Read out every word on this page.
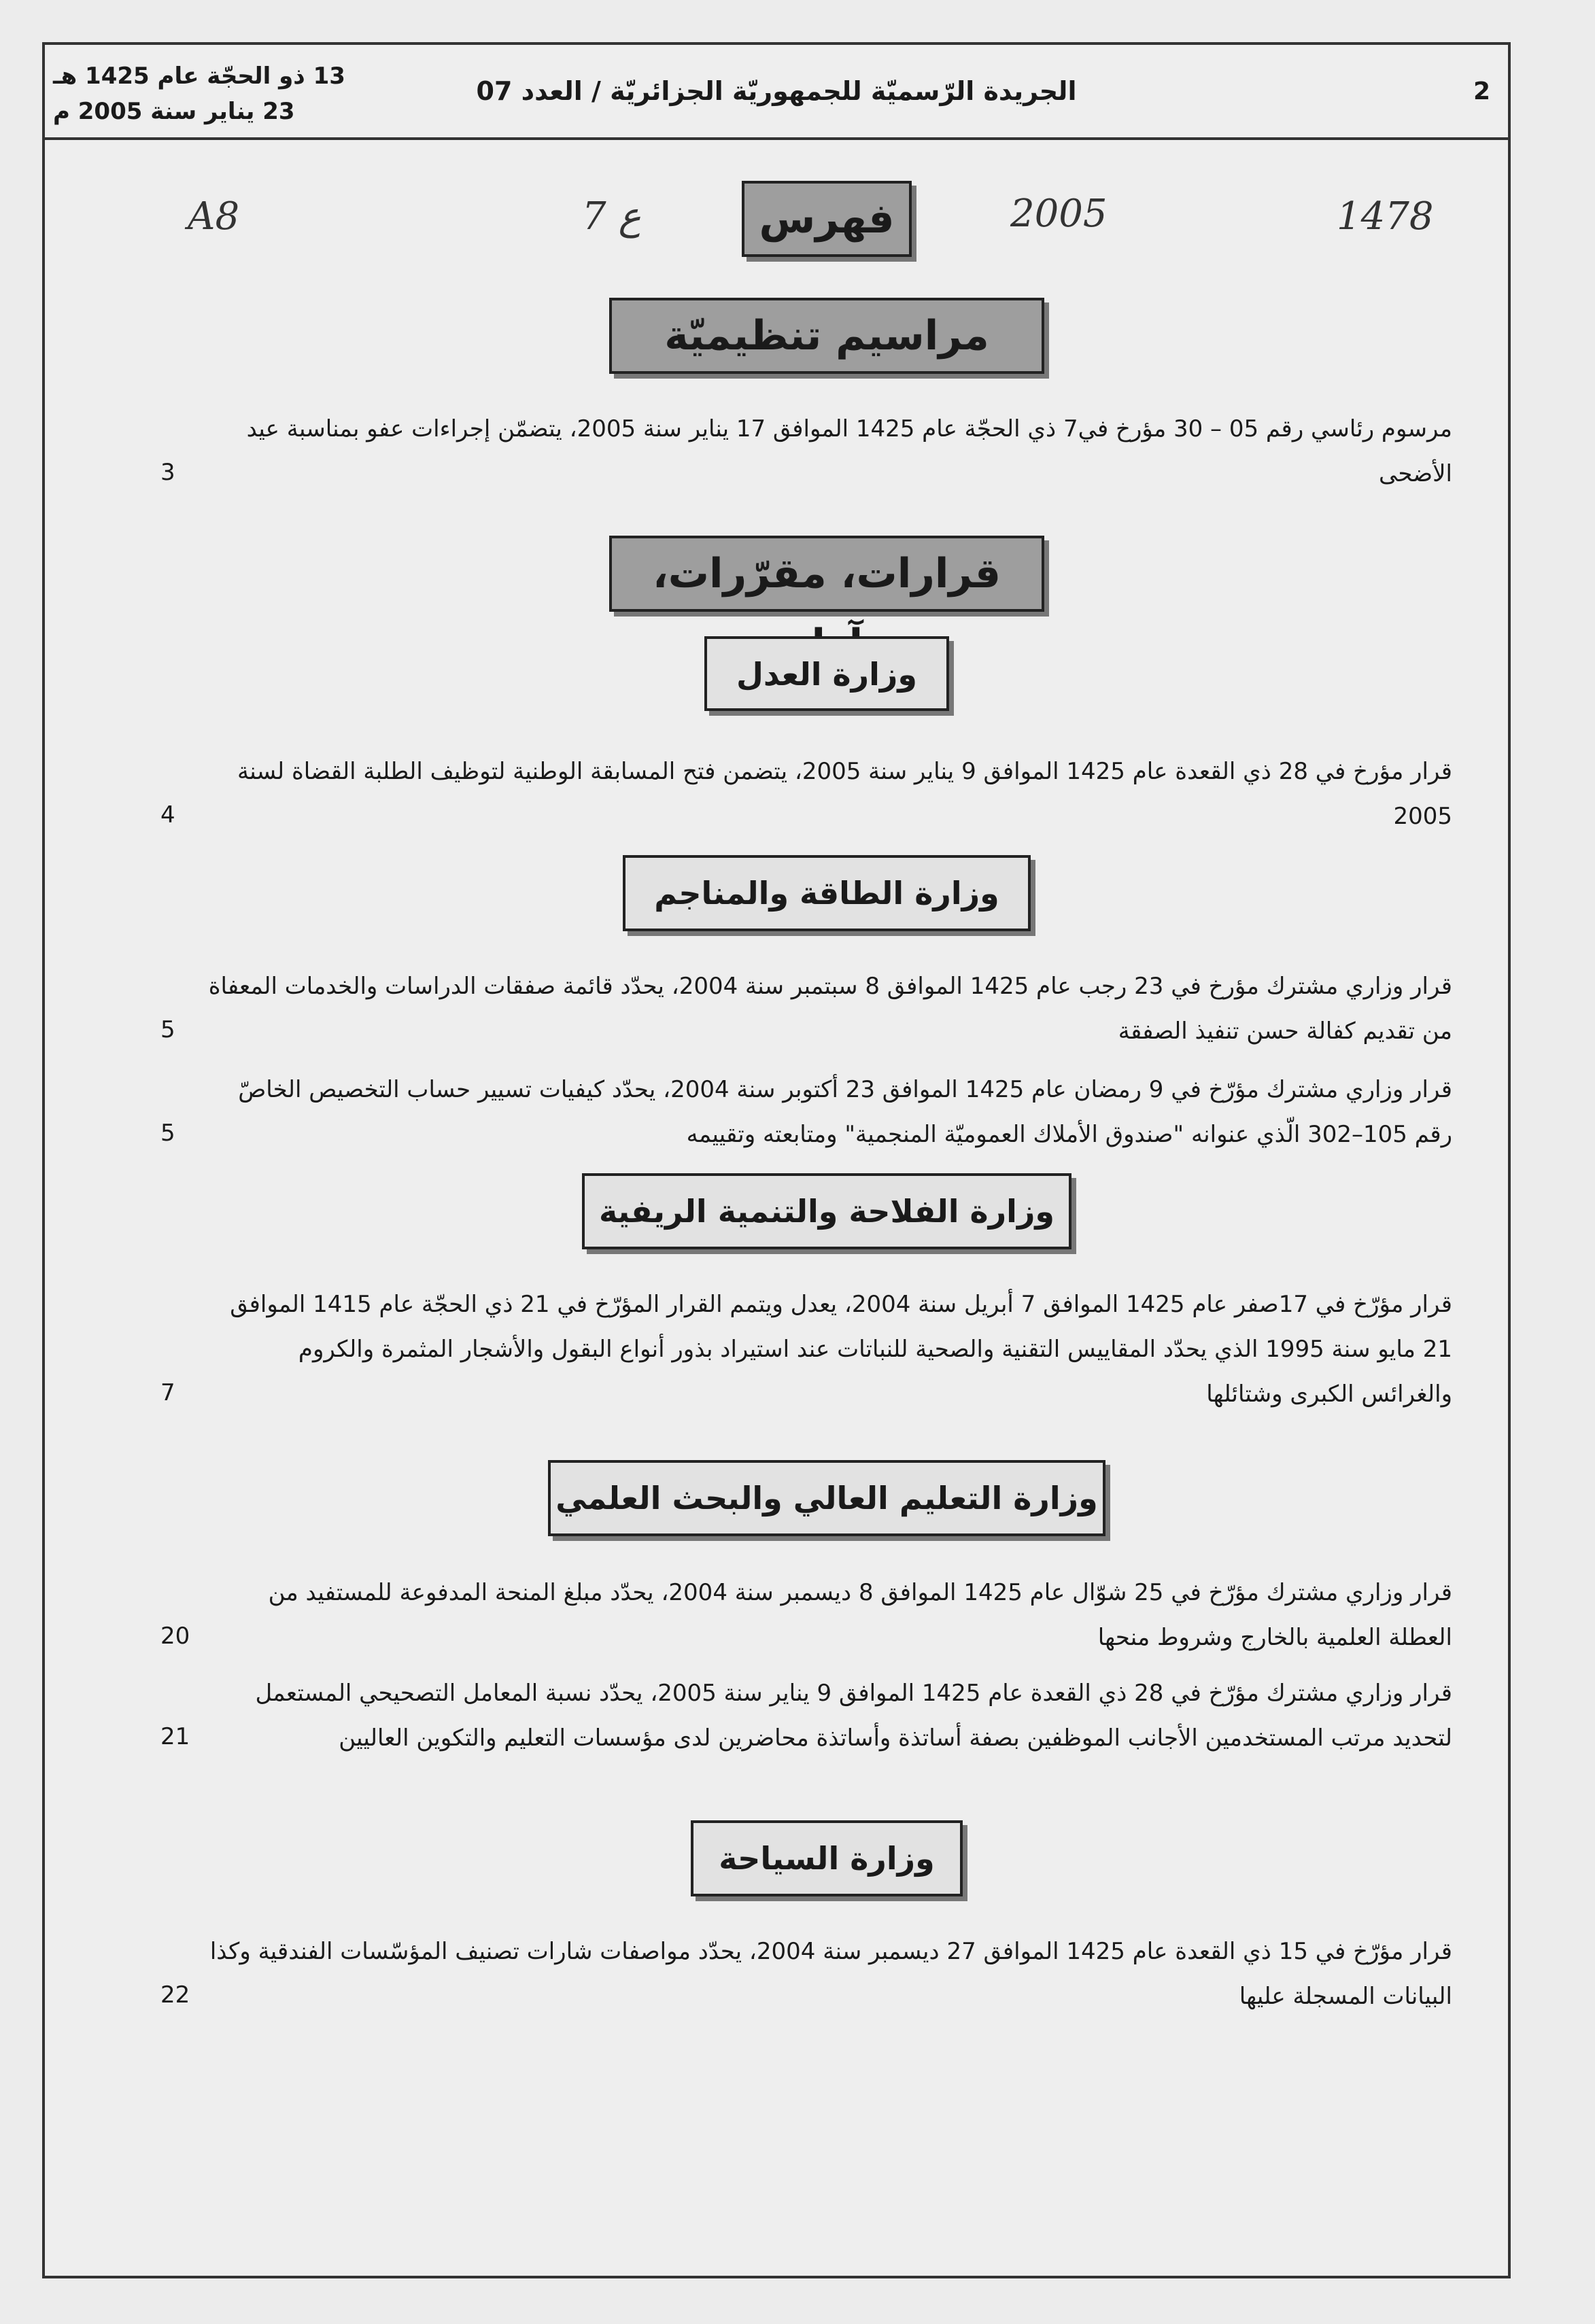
2
الجريدة الرّسميّة للجمهوريّة الجزائريّة / العدد 07
13 ذو الحجّة عام 1425 هـ
23 يناير سنة 2005 م
A8	7 ع	2005	1478
فهرس
مراسيم تنظيميّة
مرسوم رئاسي رقم 05 – 30 مؤرخ في7 ذي الحجّة عام 1425 الموافق 17 يناير سنة 2005، يتضمّن إجراءات عفو بمناسبة عيد الأضحى
3
قرارات، مقرّرات،
وزارة العدل
قرار مؤرخ في 28 ذي القعدة عام 1425 الموافق 9 يناير سنة 2005، يتضمن فتح المسابقة الوطنية لتوظيف الطلبة القضاة لسنة 2005
4
وزارة الطاقة والمناجم
قرار وزاري مشترك مؤرخ في 23 رجب عام 1425 الموافق 8 سبتمبر سنة 2004، يحدّد قائمة صفقات الدراسات والخدمات المعفاة من تقديم كفالة حسن تنفيذ الصفقة
5
قرار وزاري مشترك مؤرّخ في 9 رمضان عام 1425 الموافق 23 أكتوبر سنة 2004، يحدّد كيفيات تسيير حساب التخصيص الخاصّ رقم 105–302 الّذي عنوانه "صندوق الأملاك العموميّة المنجمية" ومتابعته وتقييمه
5
وزارة الفلاحة والتنمية الريفية
قرار مؤرّخ في 17صفر عام 1425 الموافق 7 أبريل سنة 2004، يعدل ويتمم القرار المؤرّخ في 21 ذي الحجّة عام 1415 الموافق 21 مايو سنة 1995 الذي يحدّد المقاييس التقنية والصحية للنباتات عند استيراد بذور أنواع البقول والأشجار المثمرة والكروم والغرائس الكبرى وشتائلها
7
وزارة التعليم العالي والبحث العلمي
قرار وزاري مشترك مؤرّخ في 25 شوّال عام 1425 الموافق 8 ديسمبر سنة 2004، يحدّد مبلغ المنحة المدفوعة للمستفيد من العطلة العلمية بالخارج وشروط منحها
20
قرار وزاري مشترك مؤرّخ في 28 ذي القعدة عام 1425 الموافق 9 يناير سنة 2005، يحدّد نسبة المعامل التصحيحي المستعمل لتحديد مرتب المستخدمين الأجانب الموظفين بصفة أساتذة وأساتذة محاضرين لدى مؤسسات التعليم والتكوين العاليين
21
وزارة السياحة
قرار مؤرّخ في 15 ذي القعدة عام 1425 الموافق 27 ديسمبر سنة 2004، يحدّد مواصفات شارات تصنيف المؤسّسات الفندقية وكذا البيانات المسجلة عليها
22
